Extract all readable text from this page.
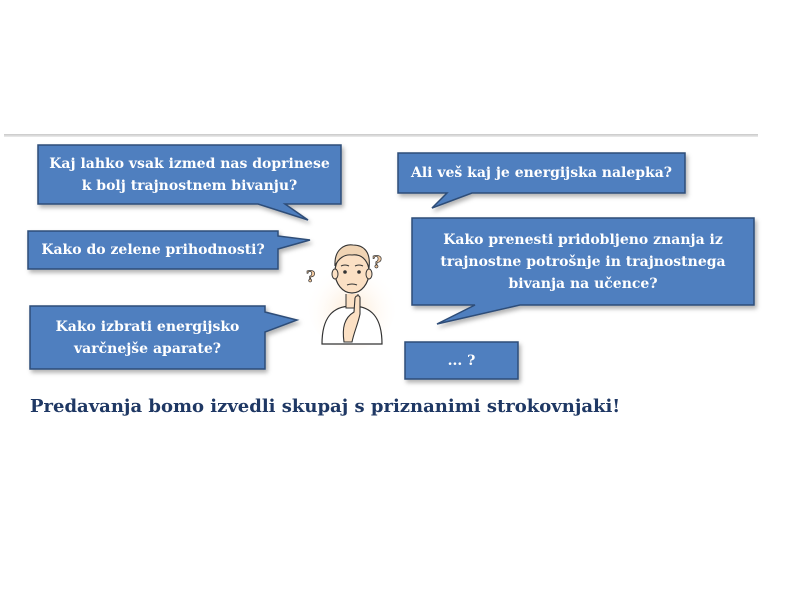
Kaj lahko vsak izmed nas doprinese
k bolj trajnostnem bivanju?
Ali veš kaj je energijska nalepka?
Kako do zelene prihodnosti?
Kako prenesti pridobljeno znanja iz
trajnostne potrošnje in trajnostnega
bivanja na učence?
Kako izbrati energijsko
varčnejše aparate?
... ?
?
?
Predavanja bomo izvedli skupaj s priznanimi strokovnjaki!
